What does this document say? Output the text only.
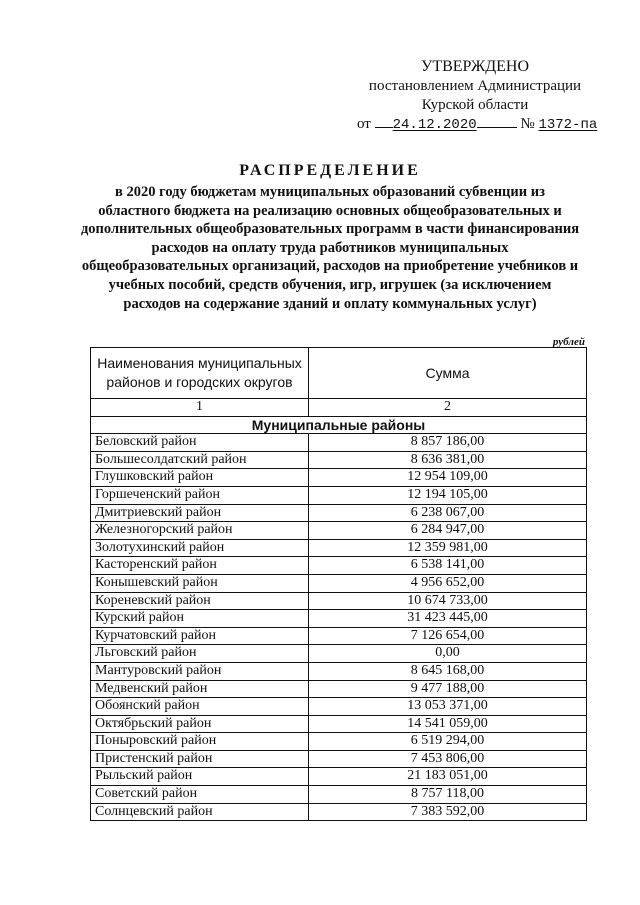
УТВЕРЖДЕНО
постановлением Администрации
Курской области
от 24.12.2020	№ 1372-па
РАСПРЕДЕЛЕНИЕ
в 2020 году бюджетам муниципальных образований субвенции из областного бюджета на реализацию основных общеобразовательных и дополнительных общеобразовательных программ в части финансирования расходов на оплату труда работников муниципальных общеобразовательных организаций, расходов на приобретение учебников и учебных пособий, средств обучения, игр, игрушек (за исключением расходов на содержание зданий и оплату коммунальных услуг)
рублей
Наименования муниципальных районов и городских округов	Сумма
1	2
Муниципальные районы	
Беловский район	8 857 186,00
Большесолдатский район	8 636 381,00
Глушковский район	12 954 109,00
Горшеченский район	12 194 105,00
Дмитриевский район	6 238 067,00
Железногорский район	6 284 947,00
Золотухинский район	12 359 981,00
Касторенский район	6 538 141,00
Конышевский район	4 956 652,00
Кореневский район	10 674 733,00
Курский район	31 423 445,00
Курчатовский район	7 126 654,00
Льговский район	0,00
Мантуровский район	8 645 168,00
Медвенский район	9 477 188,00
Обоянский район	13 053 371,00
Октябрьский район	14 541 059,00
Поныровский район	6 519 294,00
Пристенский район	7 453 806,00
Рыльский район	21 183 051,00
Советский район	8 757 118,00
Солнцевский район	7 383 592,00
